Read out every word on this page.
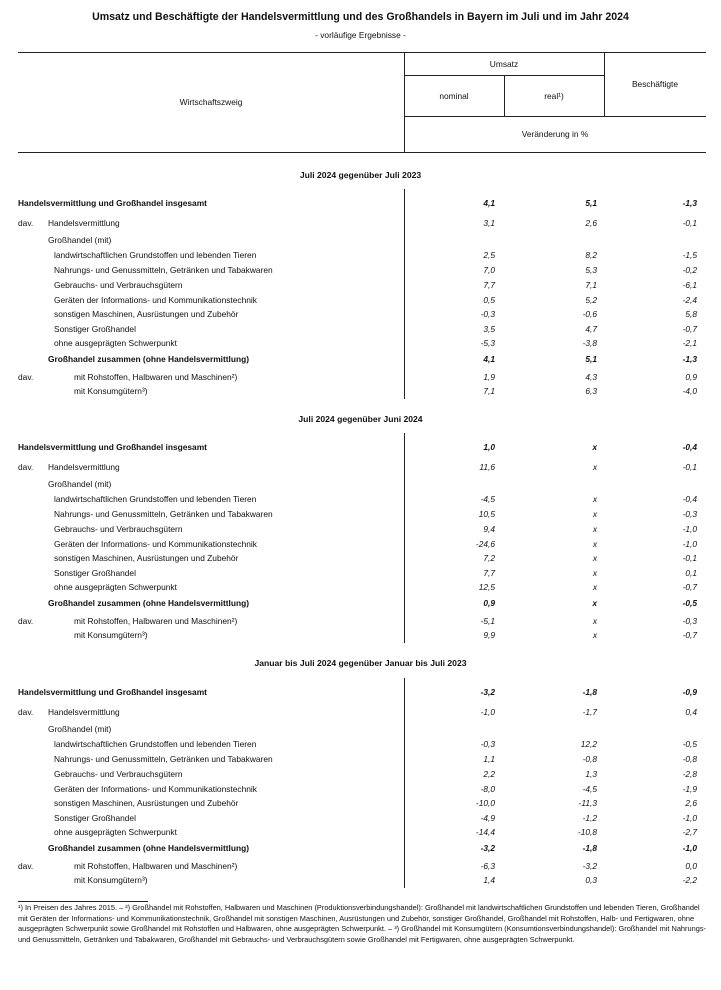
Umsatz und Beschäftigte der Handelsvermittlung und des Großhandels in Bayern im Juli und im Jahr 2024
- vorläufige Ergebnisse -
Wirtschaftszweig
Umsatz
nominal	real¹)
Beschäftigte
Veränderung in %
Juli 2024 gegenüber Juli 2023
Handelsvermittlung und Großhandel insgesamt	4,1	5,1	-1,3
dav. Handelsvermittlung	3,1	2,6	-0,1
Großhandel (mit)
landwirtschaftlichen Grundstoffen und lebenden Tieren	2,5	8,2	-1,5
Nahrungs- und Genussmitteln, Getränken und Tabakwaren	7,0	5,3	-0,2
Gebrauchs- und Verbrauchsgütern	7,7	7,1	-6,1
Geräten der Informations- und Kommunikationstechnik	0,5	5,2	-2,4
sonstigen Maschinen, Ausrüstungen und Zubehör	-0,3	-0,6	5,8
Sonstiger Großhandel	3,5	4,7	-0,7
ohne ausgeprägten Schwerpunkt	-5,3	-3,8	-2,1
Großhandel zusammen (ohne Handelsvermittlung)	4,1	5,1	-1,3
dav.	mit Rohstoffen, Halbwaren und Maschinen²)	1,9	4,3	0,9
mit Konsumgütern³)	7,1	6,3	-4,0
Juli 2024 gegenüber Juni 2024
Handelsvermittlung und Großhandel insgesamt	1,0	x	-0,4
dav. Handelsvermittlung	11,6	x	-0,1
Großhandel (mit)
landwirtschaftlichen Grundstoffen und lebenden Tieren	-4,5	x	-0,4
Nahrungs- und Genussmitteln, Getränken und Tabakwaren	10,5	x	-0,3
Gebrauchs- und Verbrauchsgütern	9,4	x	-1,0
Geräten der Informations- und Kommunikationstechnik	-24,6	x	-1,0
sonstigen Maschinen, Ausrüstungen und Zubehör	7,2	x	-0,1
Sonstiger Großhandel	7,7	x	0,1
ohne ausgeprägten Schwerpunkt	12,5	x	-0,7
Großhandel zusammen (ohne Handelsvermittlung)	0,9	x	-0,5
dav.	mit Rohstoffen, Halbwaren und Maschinen²)	-5,1	x	-0,3
mit Konsumgütern³)	9,9	x	-0,7
Januar bis Juli 2024 gegenüber Januar bis Juli 2023
Handelsvermittlung und Großhandel insgesamt	-3,2	-1,8	-0,9
dav. Handelsvermittlung	-1,0	-1,7	0,4
Großhandel (mit)
landwirtschaftlichen Grundstoffen und lebenden Tieren	-0,3	12,2	-0,5
Nahrungs- und Genussmitteln, Getränken und Tabakwaren	1,1	-0,8	-0,8
Gebrauchs- und Verbrauchsgütern	2,2	1,3	-2,8
Geräten der Informations- und Kommunikationstechnik	-8,0	-4,5	-1,9
sonstigen Maschinen, Ausrüstungen und Zubehör	-10,0	-11,3	2,6
Sonstiger Großhandel	-4,9	-1,2	-1,0
ohne ausgeprägten Schwerpunkt	-14,4	-10,8	-2,7
Großhandel zusammen (ohne Handelsvermittlung)	-3,2	-1,8	-1,0
dav.	mit Rohstoffen, Halbwaren und Maschinen²)	-6,3	-3,2	0,0
mit Konsumgütern³)	1,4	0,3	-2,2
¹) In Preisen des Jahres 2015. – ²) Großhandel mit Rohstoffen, Halbwaren und Maschinen (Produktionsverbindungshandel): Großhandel mit landwirtschaftlichen Grundstoffen und lebenden Tieren, Großhandel mit Geräten der Informations- und Kommunikationstechnik, Großhandel mit sonstigen Maschinen, Ausrüstungen und Zubehör, sonstiger Großhandel, Großhandel mit Rohstoffen, Halb- und Fertigwaren, ohne ausgeprägten Schwerpunkt sowie Großhandel mit Rohstoffen und Halbwaren, ohne ausgeprägten Schwerpunkt. – ³) Großhandel mit Konsumgütern (Konsumtionsverbindungshandel): Großhandel mit Nahrungs- und Genussmitteln, Getränken und Tabakwaren, Großhandel mit Gebrauchs- und Verbrauchsgütern sowie Großhandel mit Fertigwaren, ohne ausgeprägten Schwerpunkt.
